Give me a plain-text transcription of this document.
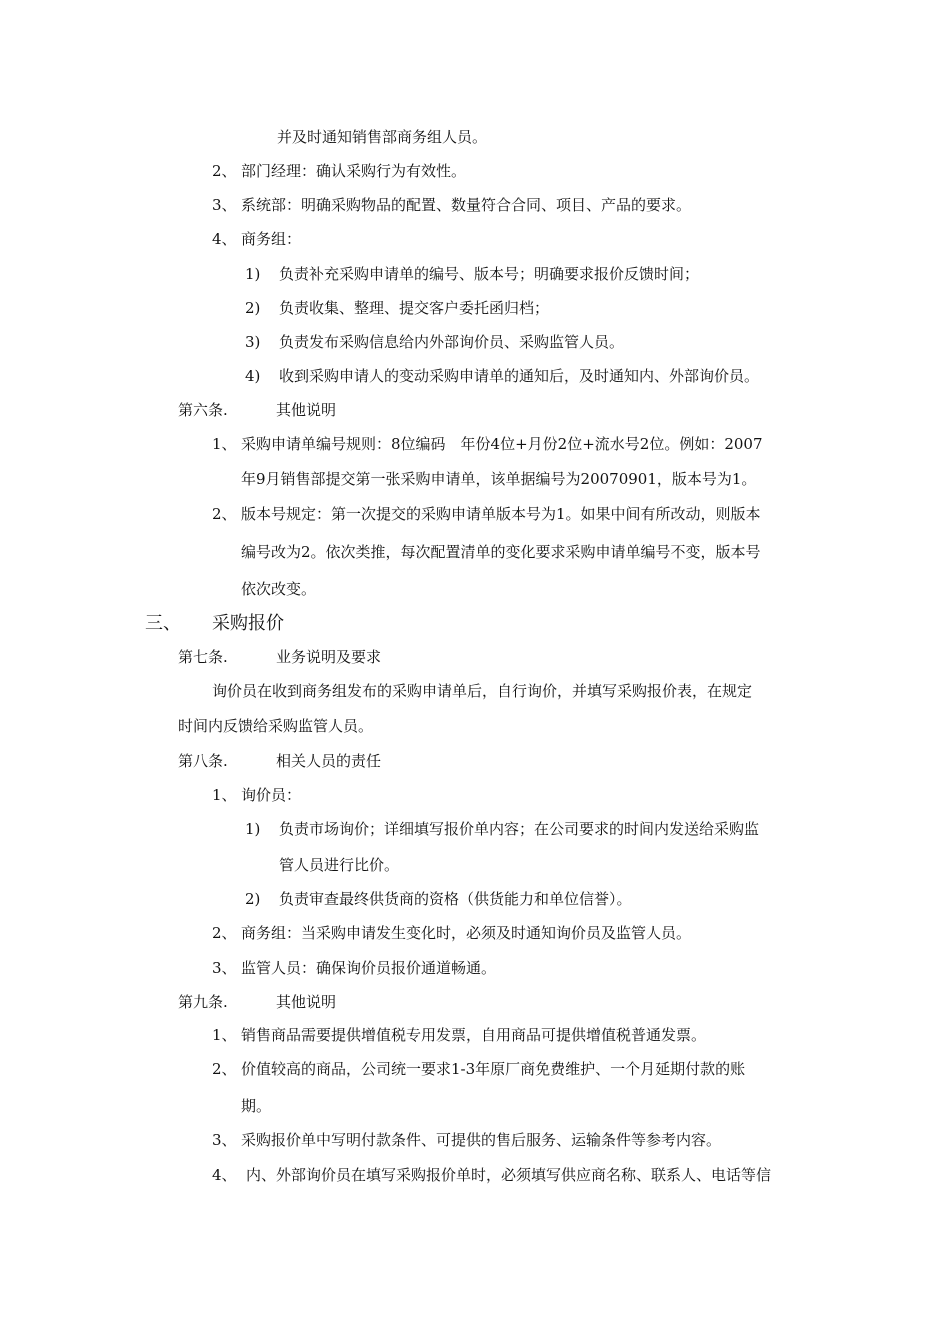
并及时通知销售部商务组人员。
2、 部门经理：确认采购行为有效性。
3、 系统部：明确采购物品的配置、数量符合合同、项目、产品的要求。
4、 商务组：
1) 负责补充采购申请单的编号、版本号；明确要求报价反馈时间；
2) 负责收集、整理、提交客户委托函归档；
3) 负责发布采购信息给内外部询价员、采购监管人员。
4) 收到采购申请人的变动采购申请单的通知后，及时通知内、外部询价员。
第六条.	其他说明
1、 采购申请单编号规则：8位编码　年份4位+月份2位+流水号2位。例如：2007
年9月销售部提交第一张采购申请单，该单据编号为20070901，版本号为1。
2、 版本号规定：第一次提交的采购申请单版本号为1。如果中间有所改动，则版本
编号改为2。依次类推，每次配置清单的变化要求采购申请单编号不变，版本号
依次改变。
三、 采购报价
第七条.	业务说明及要求
询价员在收到商务组发布的采购申请单后，自行询价，并填写采购报价表，在规定
时间内反馈给采购监管人员。
第八条.	相关人员的责任
1、 询价员：
1) 负责市场询价；详细填写报价单内容；在公司要求的时间内发送给采购监
管人员进行比价。
2) 负责审查最终供货商的资格（供货能力和单位信誉）。
2、 商务组：当采购申请发生变化时，必须及时通知询价员及监管人员。
3、 监管人员：确保询价员报价通道畅通。
第九条.	其他说明
1、 销售商品需要提供增值税专用发票，自用商品可提供增值税普通发票。
2、 价值较高的商品，公司统一要求1-3年原厂商免费维护、一个月延期付款的账
期。
3、 采购报价单中写明付款条件、可提供的售后服务、运输条件等参考内容。
4、 内、外部询价员在填写采购报价单时，必须填写供应商名称、联系人、电话等信
